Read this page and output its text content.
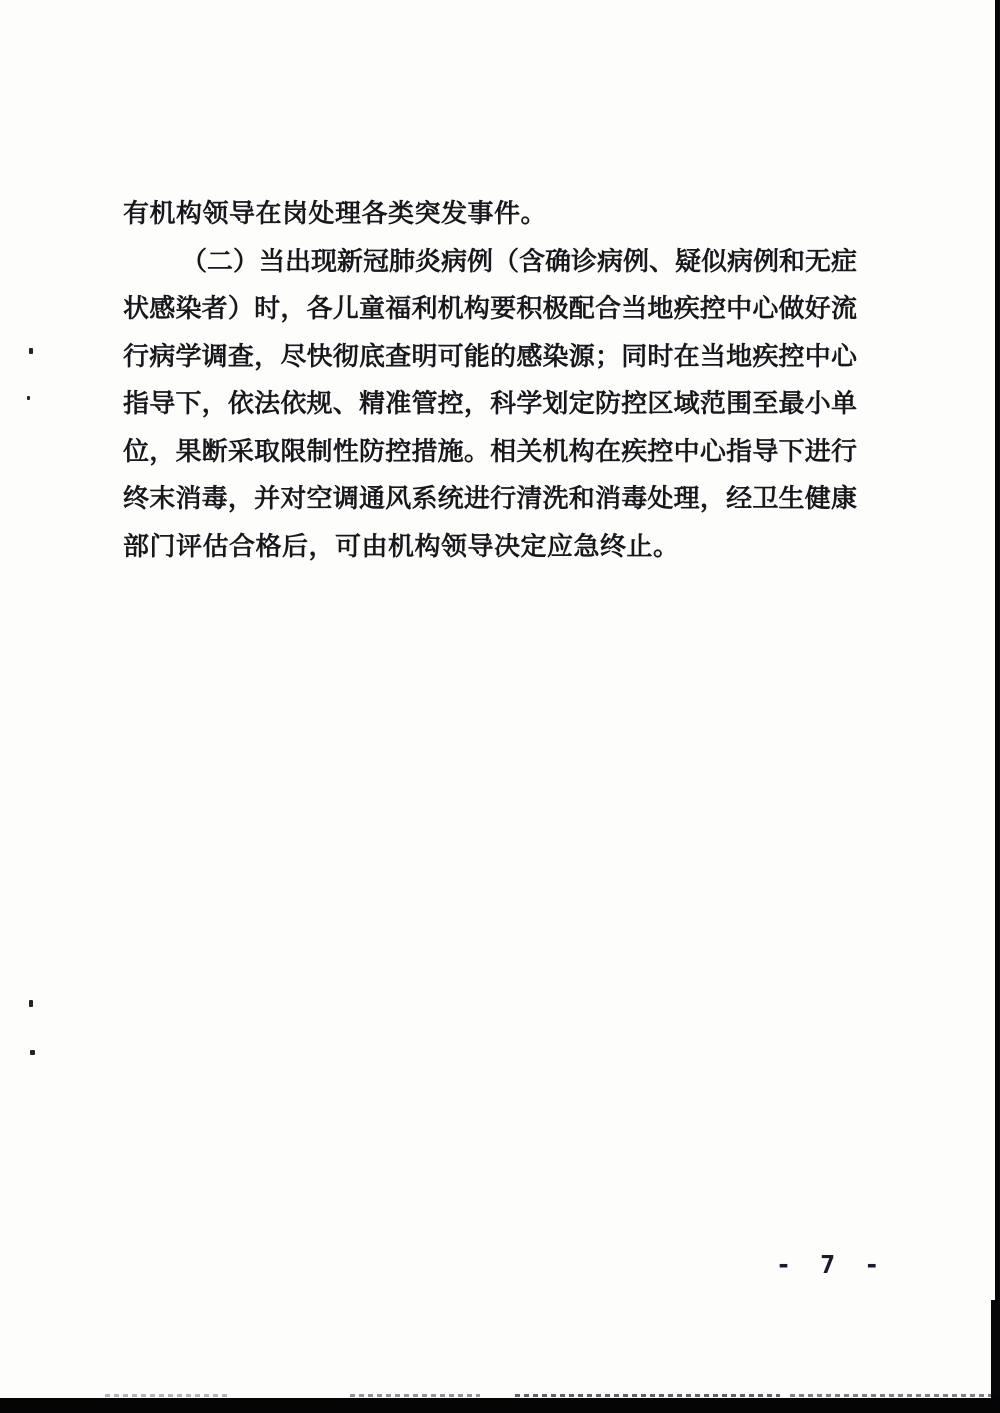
有机构领导在岗处理各类突发事件。
（二）当出现新冠肺炎病例（含确诊病例、疑似病例和无症
状感染者）时，各儿童福利机构要积极配合当地疾控中心做好流
行病学调查，尽快彻底查明可能的感染源；同时在当地疾控中心
指导下，依法依规、精准管控，科学划定防控区域范围至最小单
位，果断采取限制性防控措施。相关机构在疾控中心指导下进行
终末消毒，并对空调通风系统进行清洗和消毒处理，经卫生健康
部门评估合格后，可由机构领导决定应急终止。
- 7 -
